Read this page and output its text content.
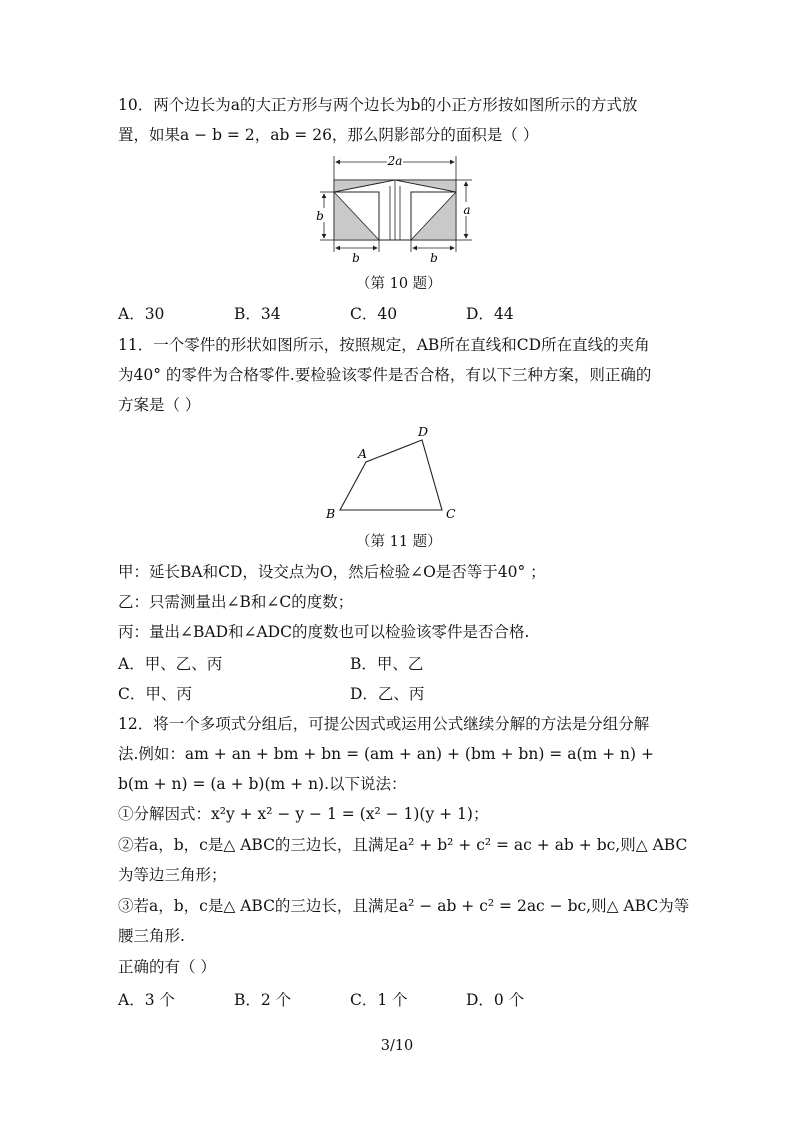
10．两个边长为a的大正方形与两个边长为b的小正方形按如图所示的方式放
置，如果a − b = 2，ab = 26，那么阴影部分的面积是（ ）
2a
b	a
b	b
（第 10 题）
A．30	B．34	C．40	D．44
11．一个零件的形状如图所示，按照规定，AB所在直线和CD所在直线的夹角
为40° 的零件为合格零件.要检验该零件是否合格，有以下三种方案，则正确的
方案是（ ）
A
D
B	C
（第 11 题）
甲：延长BA和CD，设交点为O，然后检验∠O是否等于40° ；
乙：只需测量出∠B和∠C的度数；
丙：量出∠BAD和∠ADC的度数也可以检验该零件是否合格.
A．甲、乙、丙	B．甲、乙
C．甲、丙	D．乙、丙
12．将一个多项式分组后，可提公因式或运用公式继续分解的方法是分组分解
法.例如：am + an + bm + bn = (am + an) + (bm + bn) = a(m + n) +
b(m + n) = (a + b)(m + n).以下说法：
①分解因式：x²y + x² − y − 1 = (x² − 1)(y + 1)；
②若a，b，c是△ ABC的三边长，且满足a² + b² + c² = ac + ab + bc,则△ ABC
为等边三角形；
③若a，b，c是△ ABC的三边长，且满足a² − ab + c² = 2ac − bc,则△ ABC为等
腰三角形.
正确的有（ ）
A．3 个	B．2 个	C．1 个	D．0 个
3/10
